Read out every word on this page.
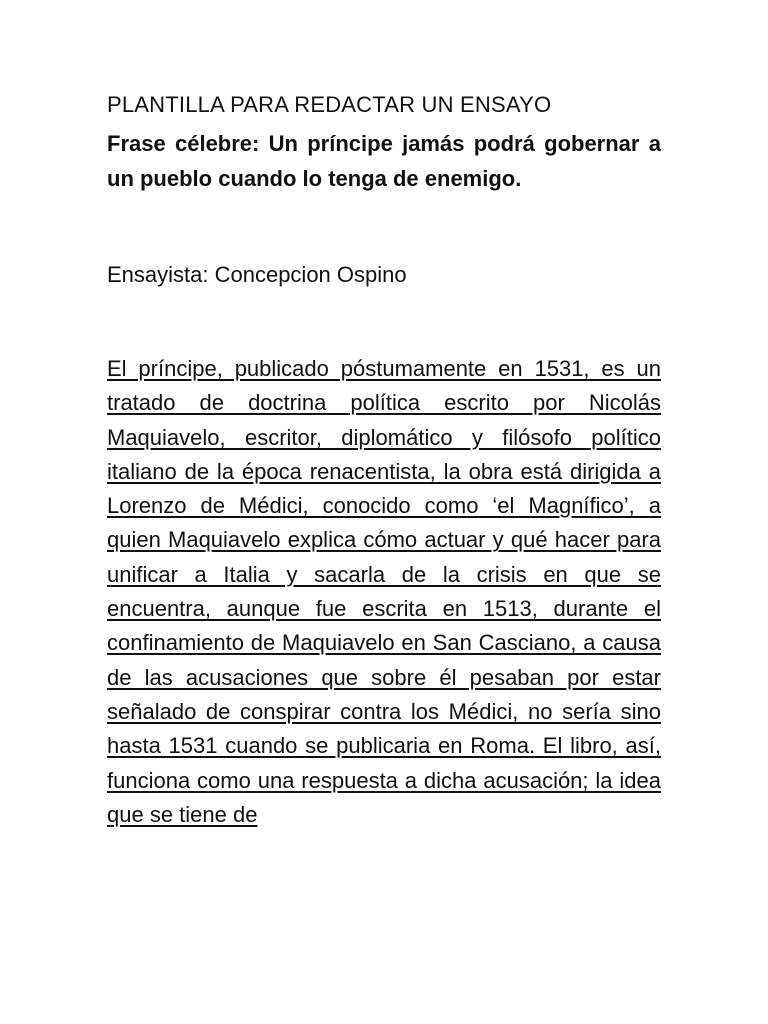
PLANTILLA PARA REDACTAR UN ENSAYO
Frase célebre: Un príncipe jamás podrá gobernar a un pueblo cuando lo tenga de enemigo.
Ensayista: Concepcion Ospino

El príncipe, publicado póstumamente en 1531, es un tratado de doctrina política escrito por Nicolás Maquiavelo, escritor, diplomático y filósofo político italiano de la época renacentista, la obra está dirigida a Lorenzo de Médici, conocido como ‘el Magnífico’, a quien Maquiavelo explica cómo actuar y qué hacer para unificar a Italia y sacarla de la crisis en que se encuentra, aunque fue escrita en 1513, durante el confinamiento de Maquiavelo en San Casciano, a causa de las acusaciones que sobre él pesaban por estar señalado de conspirar contra los Médici, no sería sino hasta 1531 cuando se publicaria en Roma. El libro, así, funciona como una respuesta a dicha acusación; la idea que se tiene de
